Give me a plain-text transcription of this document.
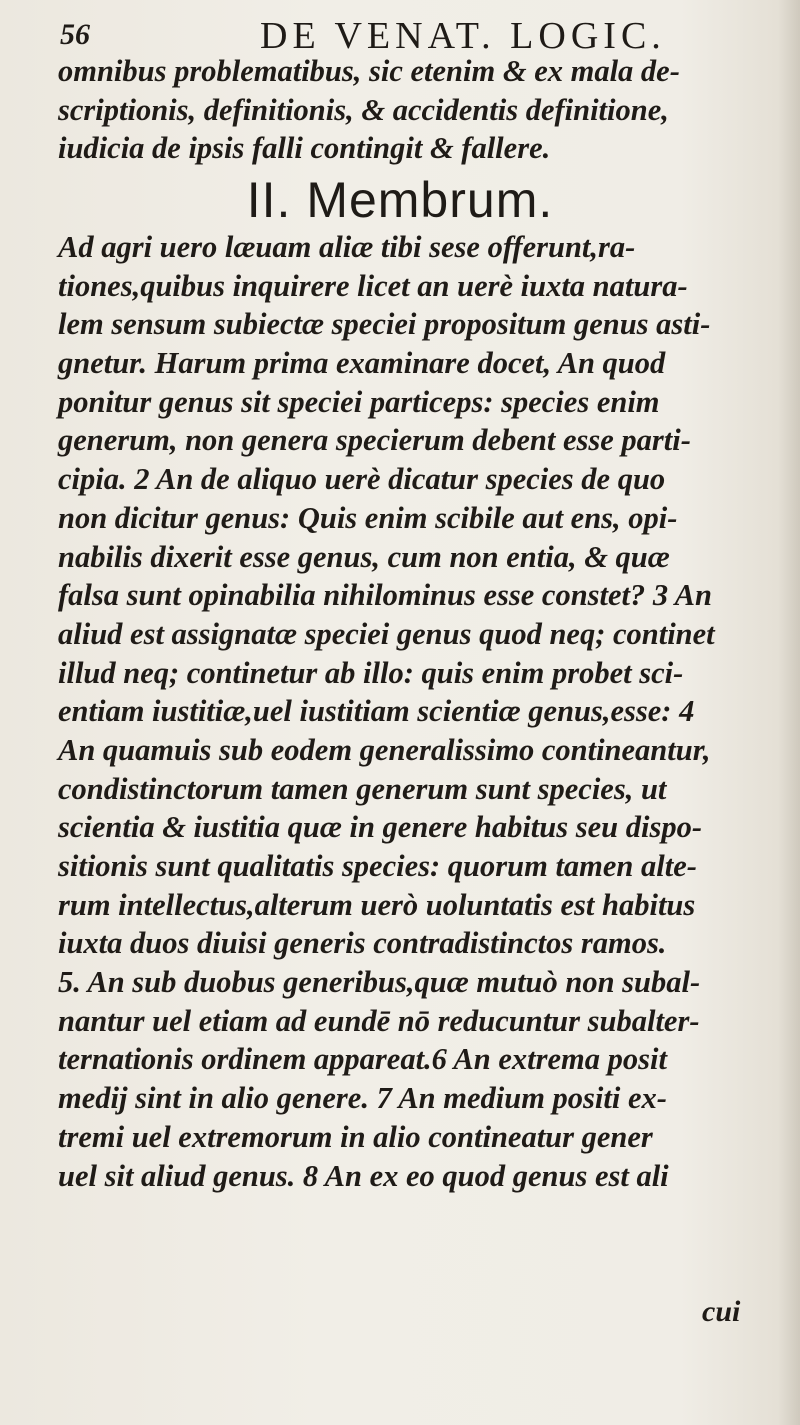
56	DE VENAT. LOGIC.
omnibus problematibus, sic etenim & ex mala de-
scriptionis, definitionis, & accidentis definitione,
iudicia de ipsis falli contingit & fallere.
II. Membrum.
Ad agri uero læuam aliæ tibi sese offerunt,ra-
tiones,quibus inquirere licet an uerè iuxta natura-
lem sensum subiectæ speciei propositum genus asti-
gnetur. Harum prima examinare docet, An quod
ponitur genus sit speciei particeps: species enim
generum, non genera specierum debent esse parti-
cipia. 2 An de aliquo uerè dicatur species de quo
non dicitur genus: Quis enim scibile aut ens, opi-
nabilis dixerit esse genus, cum non entia, & quæ
falsa sunt opinabilia nihilominus esse constet? 3 An
aliud est assignatæ speciei genus quod neq; continet
illud neq; continetur ab illo: quis enim probet sci-
entiam iustitiæ,uel iustitiam scientiæ genus,esse: 4
An quamuis sub eodem generalissimo contineantur,
condistinctorum tamen generum sunt species, ut
scientia & iustitia quæ in genere habitus seu dispo-
sitionis sunt qualitatis species: quorum tamen alte-
rum intellectus,alterum uerò uoluntatis est habitus
iuxta duos diuisi generis contradistinctos ramos.
5. An sub duobus generibus,quæ mutuò non subal-
nantur uel etiam ad eundē nō reducuntur subalter-
ternationis ordinem appareat.6 An extrema posit
medij sint in alio genere. 7 An medium positi ex-
tremi uel extremorum in alio contineatur gener
uel sit aliud genus. 8 An ex eo quod genus est ali
cui
